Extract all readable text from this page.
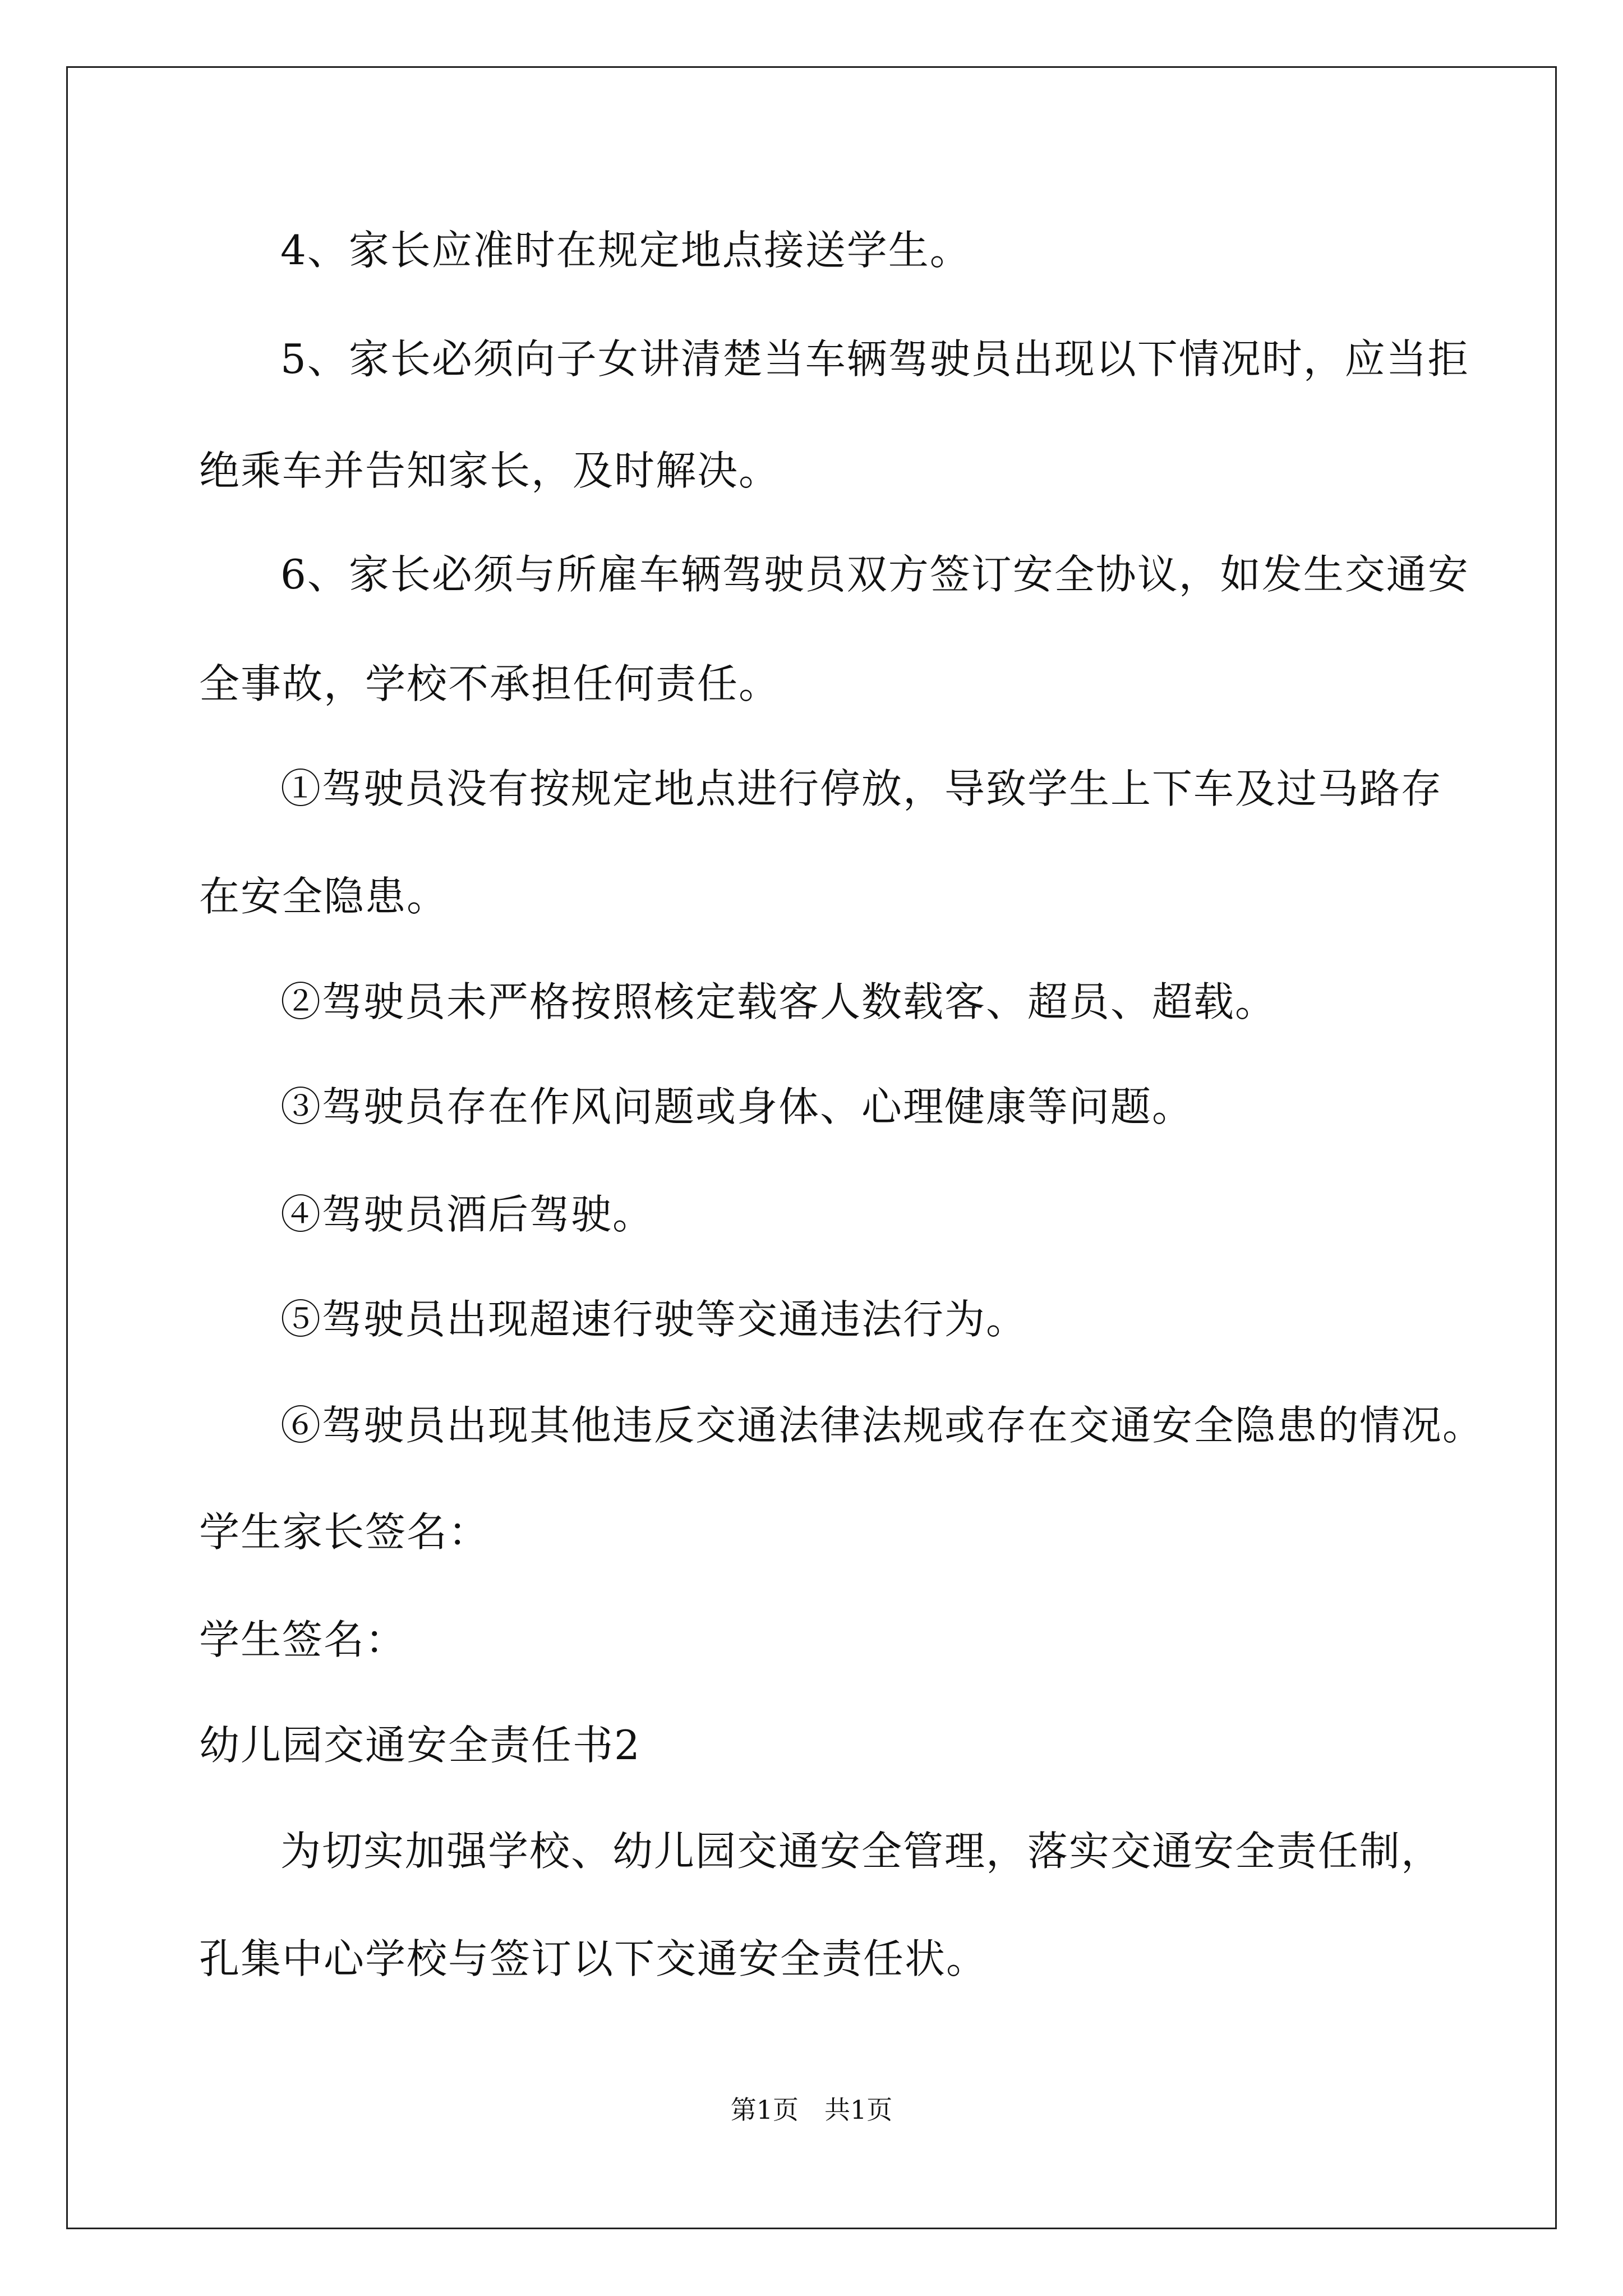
4、家长应准时在规定地点接送学生。
5、家长必须向子女讲清楚当车辆驾驶员出现以下情况时，应当拒
绝乘车并告知家长，及时解决。
6、家长必须与所雇车辆驾驶员双方签订安全协议，如发生交通安
全事故，学校不承担任何责任。
①驾驶员没有按规定地点进行停放，导致学生上下车及过马路存
在安全隐患。
②驾驶员未严格按照核定载客人数载客、超员、超载。
③驾驶员存在作风问题或身体、心理健康等问题。
④驾驶员酒后驾驶。
⑤驾驶员出现超速行驶等交通违法行为。
⑥驾驶员出现其他违反交通法律法规或存在交通安全隐患的情况。
学生家长签名：
学生签名：
幼儿园交通安全责任书2
为切实加强学校、幼儿园交通安全管理，落实交通安全责任制，
孔集中心学校与签订以下交通安全责任状。
第1页　共1页
